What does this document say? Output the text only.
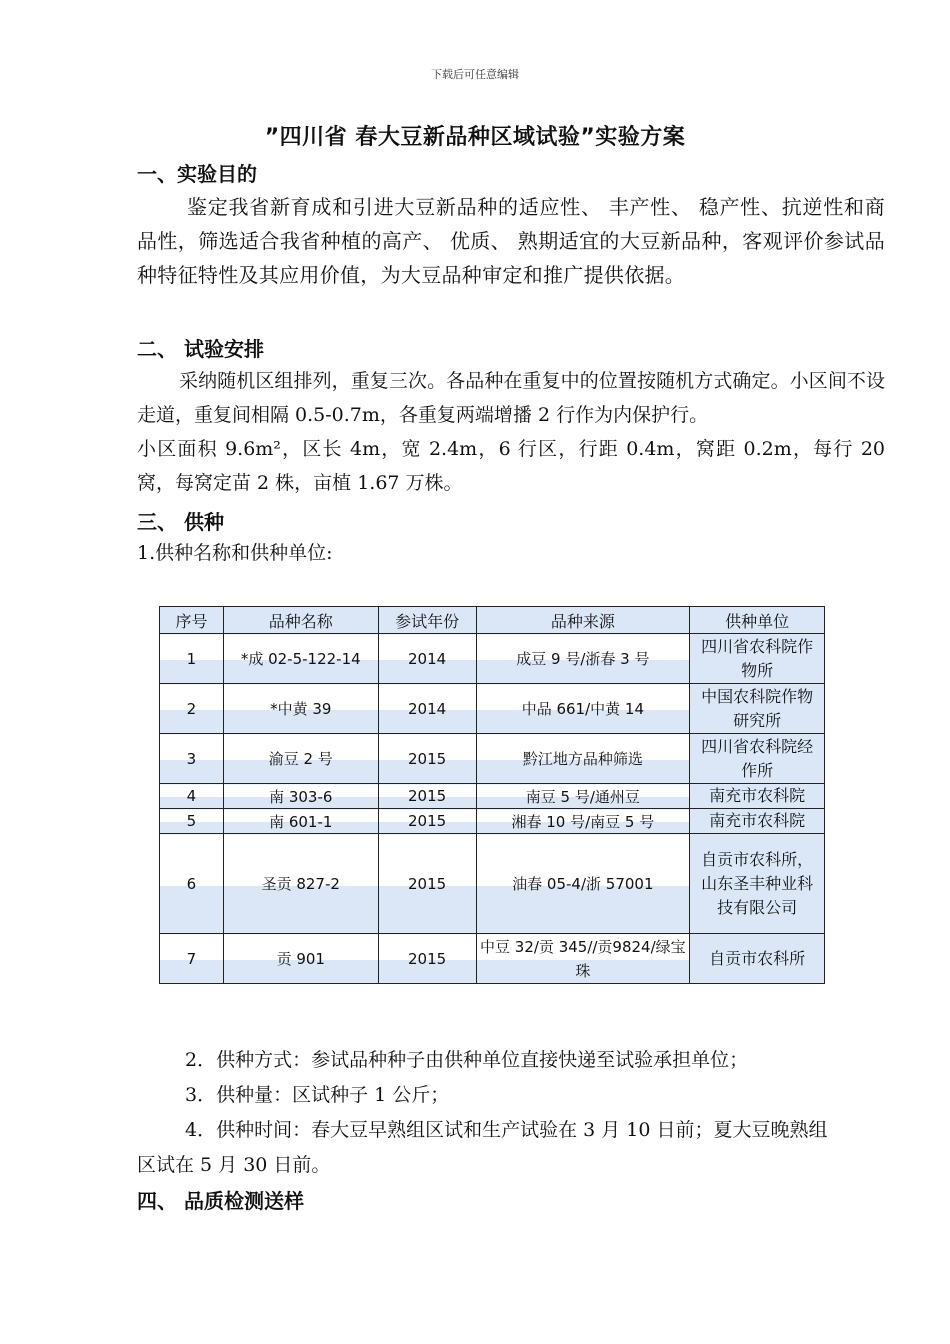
下载后可任意编辑
”四川省 春大豆新品种区域试验”实验方案
一、实验目的
鉴定我省新育成和引进大豆新品种的适应性、 丰产性、 稳产性、抗逆性和商品性，筛选适合我省种植的高产、 优质、 熟期适宜的大豆新品种，客观评价参试品种特征特性及其应用价值，为大豆品种审定和推广提供依据。
二、 试验安排
采纳随机区组排列，重复三次。各品种在重复中的位置按随机方式确定。小区间不设走道，重复间相隔 0.5-0.7m，各重复两端增播 2 行作为内保护行。
小区面积 9.6m²，区长 4m，宽 2.4m，6 行区，行距 0.4m，窝距 0.2m，每行 20 窝，每窝定苗 2 株，亩植 1.67 万株。
三、 供种
1.供种名称和供种单位:
序号	品种名称	参试年份	品种来源	供种单位
1	*成 02-5-122-14	2014	成豆 9 号/浙春 3 号	四川省农科院作物所
2	*中黄 39	2014	中品 661/中黄 14	中国农科院作物研究所
3	渝豆 2 号	2015	黔江地方品种筛选	四川省农科院经作所
4	南 303-6	2015	南豆 5 号/通州豆	南充市农科院
5	南 601-1	2015	湘春 10 号/南豆 5 号	南充市农科院
6	圣贡 827-2	2015	油春 05-4/浙 57001	自贡市农科所，山东圣丰种业科技有限公司
7	贡 901	2015	中豆 32/贡 345//贡9824/绿宝珠	自贡市农科所
2．供种方式：参试品种种子由供种单位直接快递至试验承担单位；
3．供种量：区试种子 1 公斤；
4．供种时间：春大豆早熟组区试和生产试验在 3 月 10 日前；夏大豆晚熟组
区试在 5 月 30 日前。
四、 品质检测送样
